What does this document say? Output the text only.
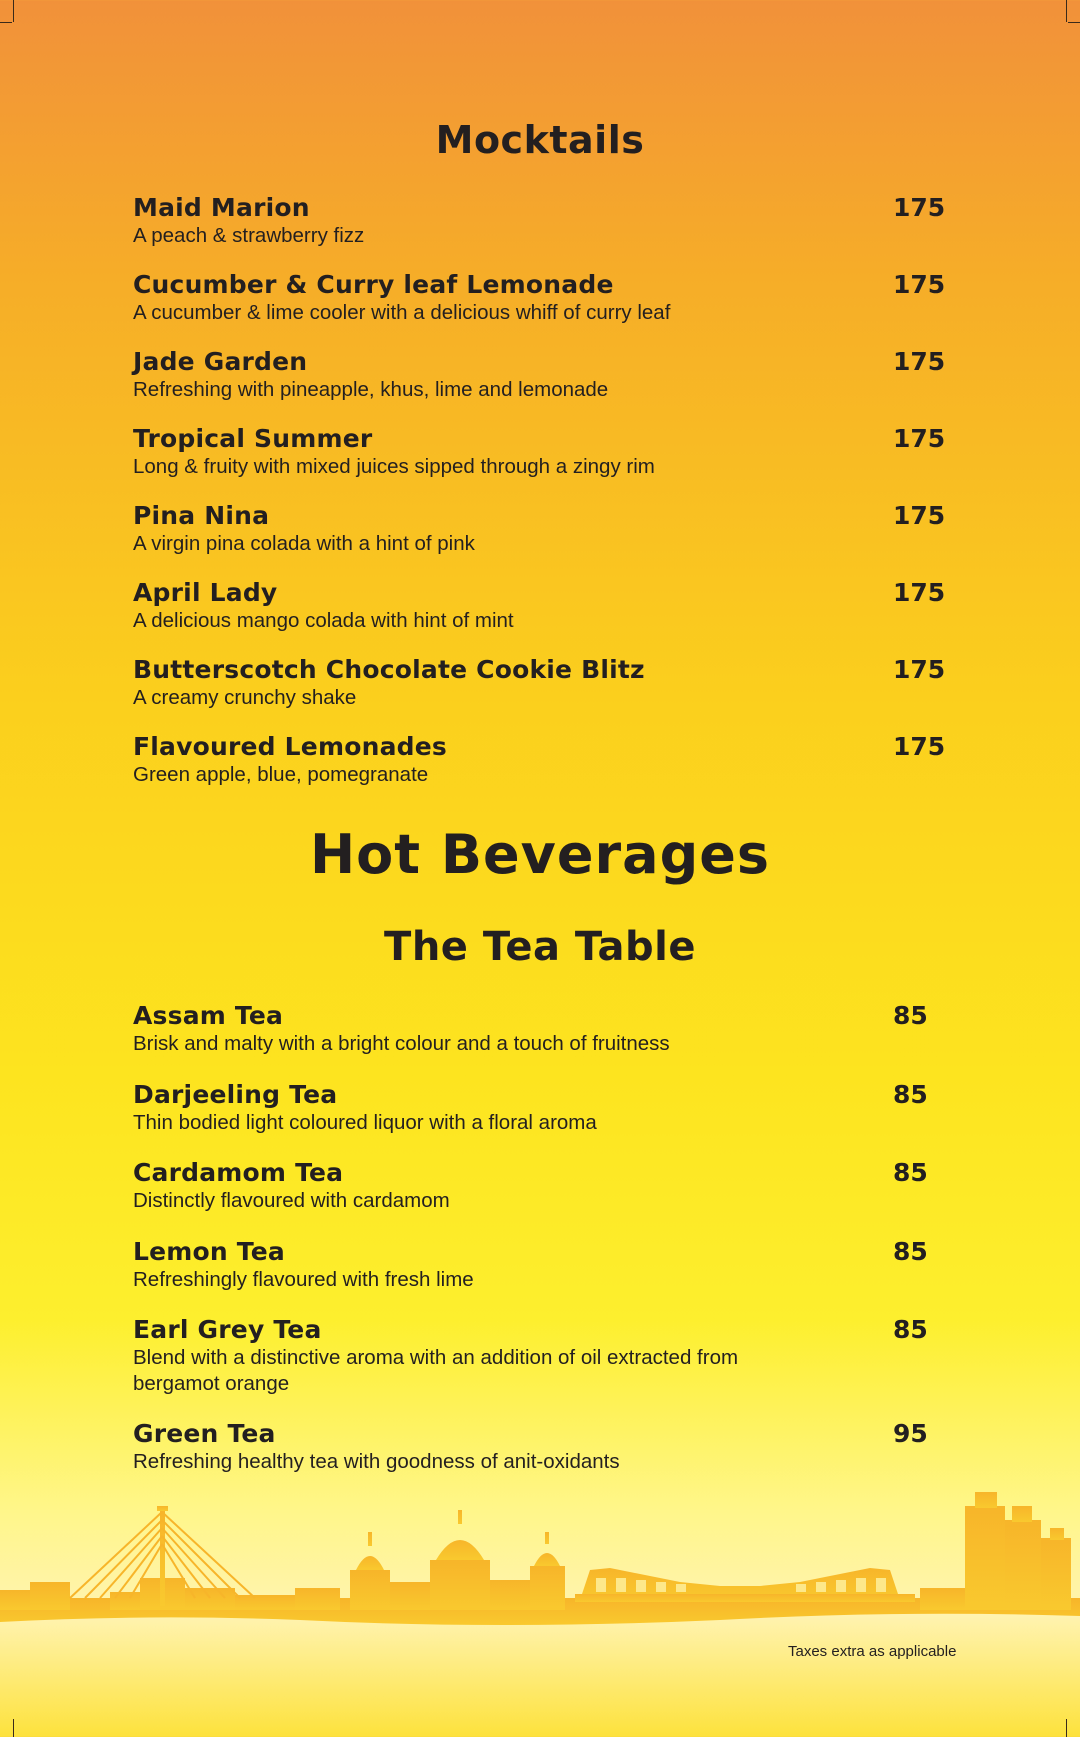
Mocktails
Maid Marion
A peach & strawberry fizz
175
Cucumber & Curry leaf Lemonade
A cucumber & lime cooler with a delicious whiff of curry leaf
175
Jade Garden
Refreshing with pineapple, khus, lime and lemonade
175
Tropical Summer
Long & fruity with mixed juices sipped through a zingy rim
175
Pina Nina
A virgin pina colada with a hint of pink
175
April Lady
A delicious mango colada with hint of mint
175
Butterscotch Chocolate Cookie Blitz
A creamy crunchy shake
175
Flavoured Lemonades
Green apple, blue, pomegranate
175
Hot Beverages
The Tea Table
Assam Tea
Brisk and malty with a bright colour and a touch of fruitness
85
Darjeeling Tea
Thin bodied light coloured liquor with a floral aroma
85
Cardamom Tea
Distinctly flavoured with cardamom
85
Lemon Tea
Refreshingly flavoured with fresh lime
85
Earl Grey Tea
Blend with a distinctive aroma with an addition of oil extracted from bergamot orange
85
Green Tea
Refreshing healthy tea with goodness of anit-oxidants
95
Taxes extra as applicable
